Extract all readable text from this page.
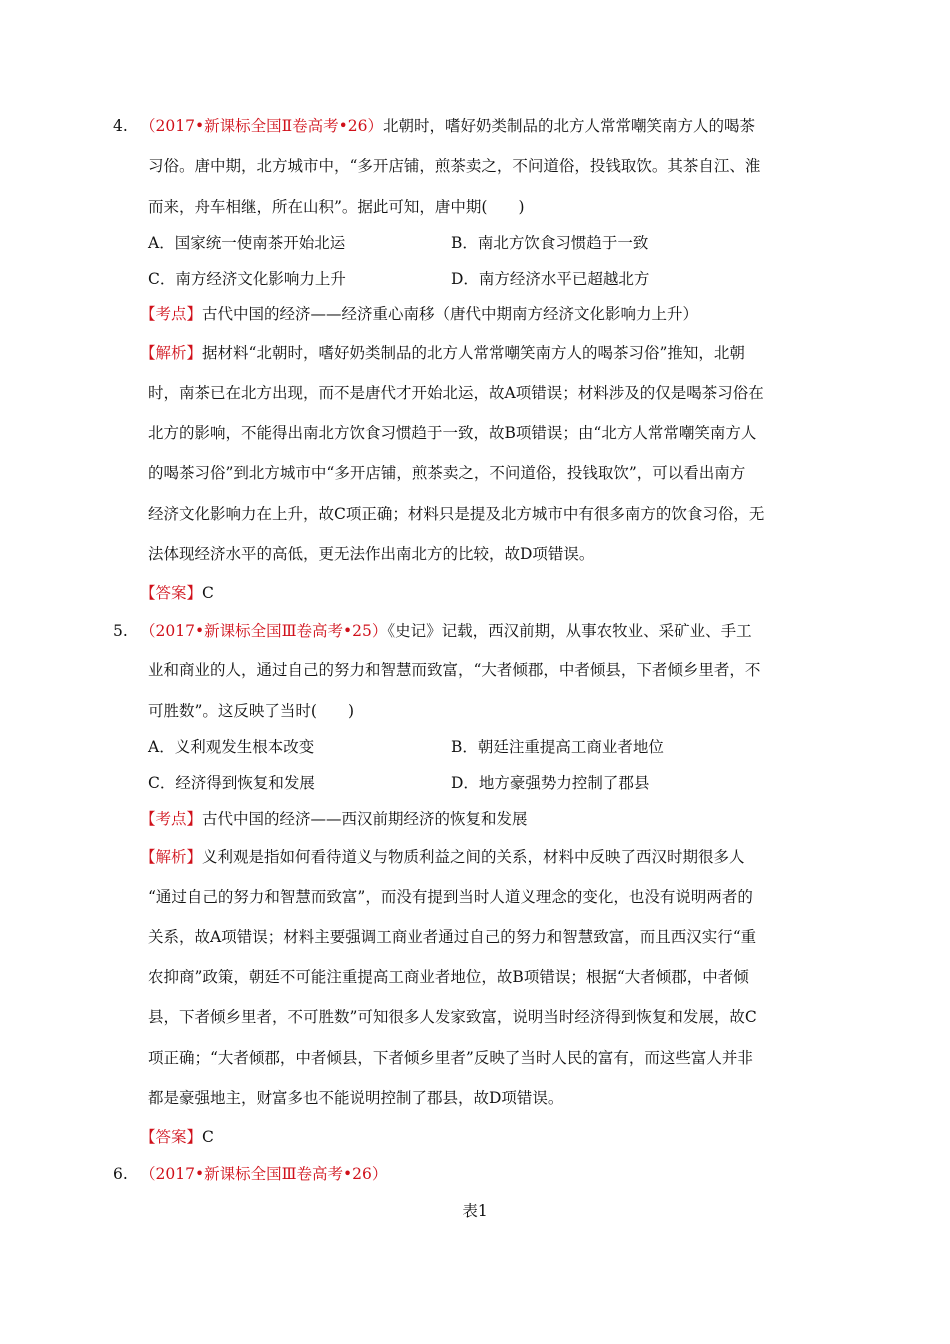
4. （2017•新课标全国Ⅱ卷高考•26）北朝时，嗜好奶类制品的北方人常常嘲笑南方人的喝茶
习俗。唐中期，北方城市中，“多开店铺，煎茶卖之，不问道俗，投钱取饮。其茶自江、淮
而来，舟车相继，所在山积”。据此可知，唐中期(　　)
A．国家统一使南茶开始北运	B．南北方饮食习惯趋于一致
C．南方经济文化影响力上升	D．南方经济水平已超越北方
【考点】古代中国的经济——经济重心南移（唐代中期南方经济文化影响力上升）
【解析】据材料“北朝时，嗜好奶类制品的北方人常常嘲笑南方人的喝茶习俗”推知，北朝
时，南茶已在北方出现，而不是唐代才开始北运，故A项错误；材料涉及的仅是喝茶习俗在
北方的影响，不能得出南北方饮食习惯趋于一致，故B项错误；由“北方人常常嘲笑南方人
的喝茶习俗”到北方城市中“多开店铺，煎茶卖之，不问道俗，投钱取饮”，可以看出南方
经济文化影响力在上升，故C项正确；材料只是提及北方城市中有很多南方的饮食习俗，无
法体现经济水平的高低，更无法作出南北方的比较，故D项错误。
【答案】C
5. （2017•新课标全国Ⅲ卷高考•25）《史记》记载，西汉前期，从事农牧业、采矿业、手工
业和商业的人，通过自己的努力和智慧而致富，“大者倾郡，中者倾县，下者倾乡里者，不
可胜数”。这反映了当时(　　)
A．义利观发生根本改变	B．朝廷注重提高工商业者地位
C．经济得到恢复和发展	D．地方豪强势力控制了郡县
【考点】古代中国的经济——西汉前期经济的恢复和发展
【解析】义利观是指如何看待道义与物质利益之间的关系，材料中反映了西汉时期很多人
“通过自己的努力和智慧而致富”，而没有提到当时人道义理念的变化，也没有说明两者的
关系，故A项错误；材料主要强调工商业者通过自己的努力和智慧致富，而且西汉实行“重
农抑商”政策，朝廷不可能注重提高工商业者地位，故B项错误；根据“大者倾郡，中者倾
县，下者倾乡里者，不可胜数”可知很多人发家致富，说明当时经济得到恢复和发展，故C
项正确；“大者倾郡，中者倾县，下者倾乡里者”反映了当时人民的富有，而这些富人并非
都是豪强地主，财富多也不能说明控制了郡县，故D项错误。
【答案】C
6. （2017•新课标全国Ⅲ卷高考•26）
表1
